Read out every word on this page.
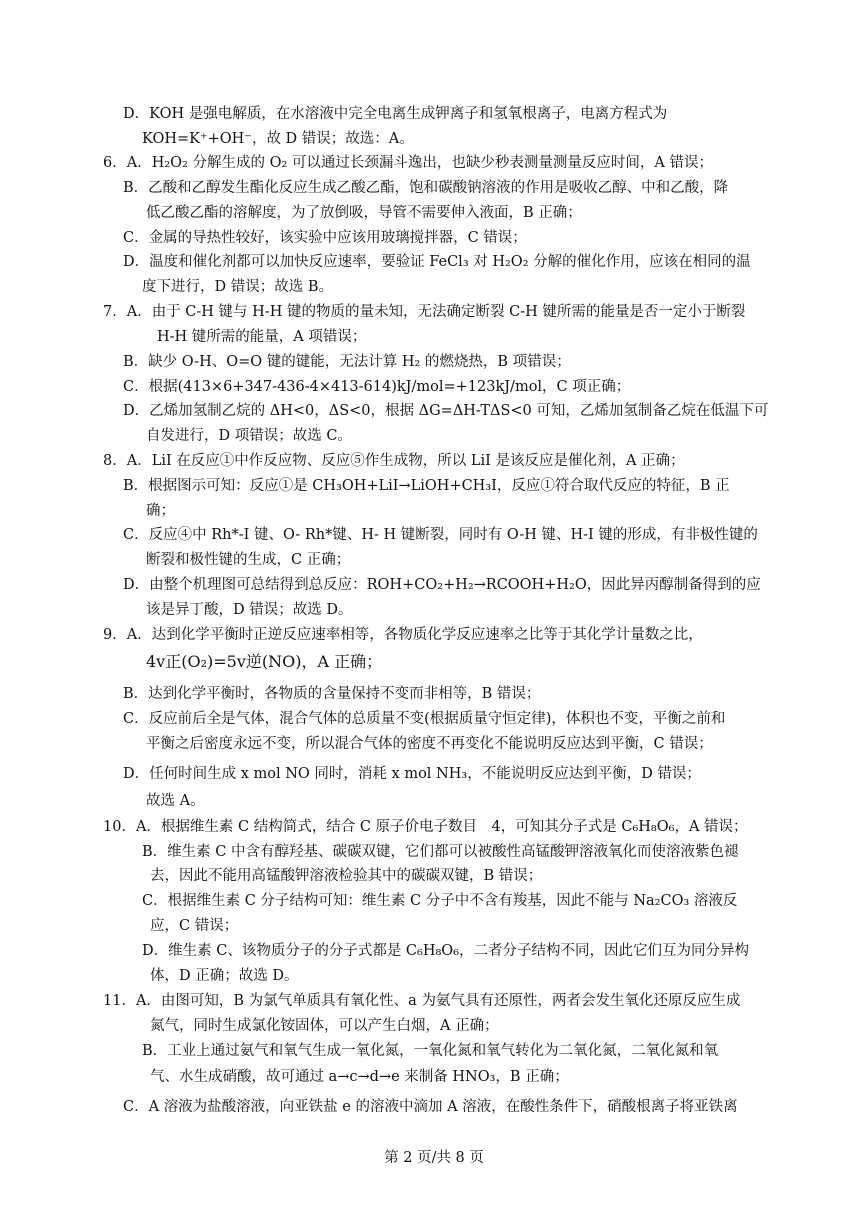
D．KOH 是强电解质，在水溶液中完全电离生成钾离子和氢氧根离子，电离方程式为
KOH=K⁺+OH⁻，故 D 错误；故选：A。
6．A．H₂O₂ 分解生成的 O₂ 可以通过长颈漏斗逸出，也缺少秒表测量测量反应时间，A 错误；
B．乙酸和乙醇发生酯化反应生成乙酸乙酯，饱和碳酸钠溶液的作用是吸收乙醇、中和乙酸，降
低乙酸乙酯的溶解度，为了放倒吸，导管不需要伸入液面，B 正确；
C．金属的导热性较好，该实验中应该用玻璃搅拌器，C 错误；
D．温度和催化剂都可以加快反应速率，要验证 FeCl₃ 对 H₂O₂ 分解的催化作用，应该在相同的温
度下进行，D 错误；故选 B。
7．A．由于 C-H 键与 H-H 键的物质的量未知，无法确定断裂 C-H 键所需的能量是否一定小于断裂
H-H 键所需的能量，A 项错误；
B．缺少 O-H、O=O 键的键能，无法计算 H₂ 的燃烧热，B 项错误；
C．根据(413×6+347-436-4×413-614)kJ/mol=+123kJ/mol，C 项正确；
D．乙烯加氢制乙烷的 ΔH<0，ΔS<0，根据 ΔG=ΔH-TΔS<0 可知，乙烯加氢制备乙烷在低温下可
自发进行，D 项错误；故选 C。
8．A．LiI 在反应①中作反应物、反应⑤作生成物，所以 LiI 是该反应是催化剂，A 正确；
B．根据图示可知：反应①是 CH₃OH+LiI→LiOH+CH₃I，反应①符合取代反应的特征，B 正
确；
C．反应④中 Rh*-I 键、O- Rh*键、H- H 键断裂，同时有 O-H 键、H-I 键的形成，有非极性键的
断裂和极性键的生成，C 正确；
D．由整个机理图可总结得到总反应：ROH+CO₂+H₂→RCOOH+H₂O，因此异丙醇制备得到的应
该是异丁酸，D 错误；故选 D。
9．A．达到化学平衡时正逆反应速率相等，各物质化学反应速率之比等于其化学计量数之比，
4v正(O₂)=5v逆(NO)，A 正确；
B．达到化学平衡时，各物质的含量保持不变而非相等，B 错误；
C．反应前后全是气体，混合气体的总质量不变(根据质量守恒定律)，体积也不变，平衡之前和
平衡之后密度永远不变，所以混合气体的密度不再变化不能说明反应达到平衡，C 错误；
D．任何时间生成 x mol NO 同时，消耗 x mol NH₃，不能说明反应达到平衡，D 错误；
故选 A。
10．A．根据维生素 C 结构简式，结合 C 原子价电子数目　4，可知其分子式是 C₆H₈O₆，A 错误；
B．维生素 C 中含有醇羟基、碳碳双键，它们都可以被酸性高锰酸钾溶液氧化而使溶液紫色褪
去，因此不能用高锰酸钾溶液检验其中的碳碳双键，B 错误；
C．根据维生素 C 分子结构可知：维生素 C 分子中不含有羧基，因此不能与 Na₂CO₃ 溶液反
应，C 错误；
D．维生素 C、该物质分子的分子式都是 C₆H₈O₆，二者分子结构不同，因此它们互为同分异构
体，D 正确；故选 D。
11．A．由图可知，B 为氯气单质具有氧化性、a 为氨气具有还原性，两者会发生氧化还原反应生成
氮气，同时生成氯化铵固体，可以产生白烟，A 正确；
B．工业上通过氨气和氧气生成一氧化氮，一氧化氮和氧气转化为二氧化氮，二氧化氮和氧
气、水生成硝酸，故可通过 a→c→d→e 来制备 HNO₃，B 正确；
C．A 溶液为盐酸溶液，向亚铁盐 e 的溶液中滴加 A 溶液，在酸性条件下，硝酸根离子将亚铁离
第 2 页/共 8 页
